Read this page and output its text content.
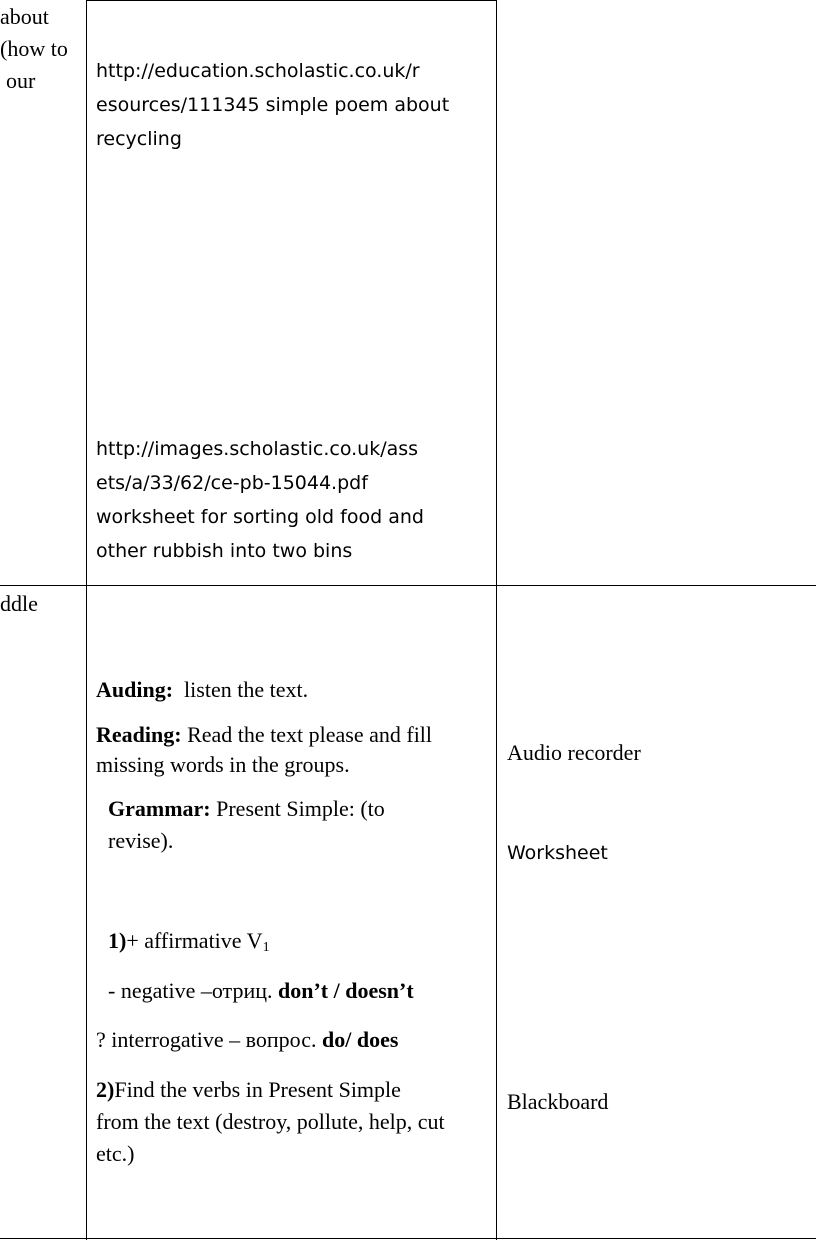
about
(how to
our	http://education.scholastic.co.uk/r
esources/111345 simple poem about
recycling
http://images.scholastic.co.uk/ass
ets/a/33/62/ce-pb-15044.pdf
worksheet for sorting old food and
other rubbish into two bins
ddle
Auding: listen the text.
Reading: Read the text please and fill
missing words in the groups.
Grammar: Present Simple: (to
revise).
1)+ affirmative $V_1$
- negative –отриц. don’t / doesn’t
? interrogative – вопрос. do/ does
2)Find the verbs in Present Simple
from the text (destroy, pollute, help, cut
etc.)
Audio recorder
Worksheet
Blackboard
